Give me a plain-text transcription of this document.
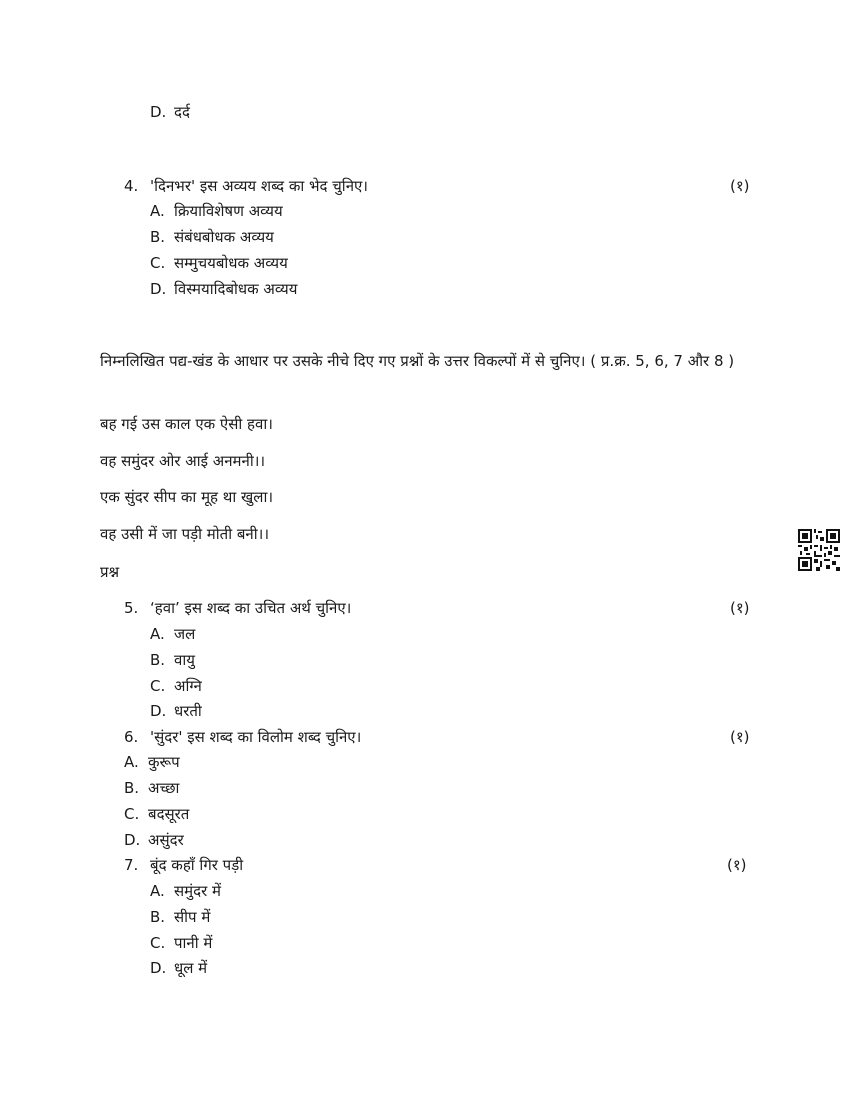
D. दर्द
4. 'दिनभर' इस अव्यय शब्द का भेद चुनिए।	(१)
A. क्रियाविशेषण अव्यय
B. संबंधबोधक अव्यय
C. सम्मुचयबोधक अव्यय
D. विस्मयादिबोधक अव्यय
निम्नलिखित पद्य-खंड के आधार पर उसके नीचे दिए गए प्रश्नों के उत्तर विकल्पों में से चुनिए। ( प्र.क्र. 5, 6, 7 और 8 )
बह गई उस काल एक ऐसी हवा।
वह समुंदर ओर आई अनमनी।।
एक सुंदर सीप का मूह था खुला।
वह उसी में जा पड़ी मोती बनी।।
प्रश्न
5. ‘हवा’ इस शब्द का उचित अर्थ चुनिए।	(१)
A. जल
B. वायु
C. अग्नि
D. धरती
6. 'सुंदर' इस शब्द का विलोम शब्द चुनिए।	(१)
A. कुरूप
B. अच्छा
C. बदसूरत
D. असुंदर
7. बूंद कहाँ गिर पड़ी	(१)
A. समुंदर में
B. सीप में
C. पानी में
D. धूल में
